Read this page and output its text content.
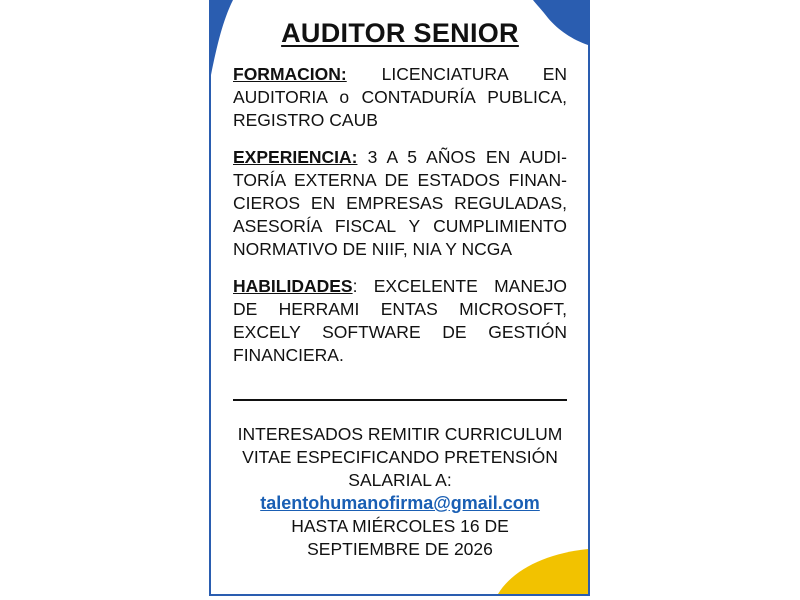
AUDITOR SENIOR

FORMACION: LICENCIATURA EN AUDITORIA o CONTADURÍA PUBLICA, REGISTRO CAUB

EXPERIENCIA: 3 A 5 AÑOS EN AUDI-TORÍA EXTERNA DE ESTADOS FINAN-CIEROS EN EMPRESAS REGULADAS, ASESORÍA FISCAL Y CUMPLIMIENTO NORMATIVO DE NIIF, NIA Y NCGA

HABILIDADES: EXCELENTE MANEJO DE HERRAMI ENTAS MICROSOFT, EXCELY SOFTWARE DE GESTIÓN FINANCIERA.

INTERESADOS REMITIR CURRICULUM
VITAE ESPECIFICANDO PRETENSIÓN
SALARIAL A:
talentohumanofirma@gmail.com
HASTA MIÉRCOLES 16 DE
SEPTIEMBRE DE 2026
